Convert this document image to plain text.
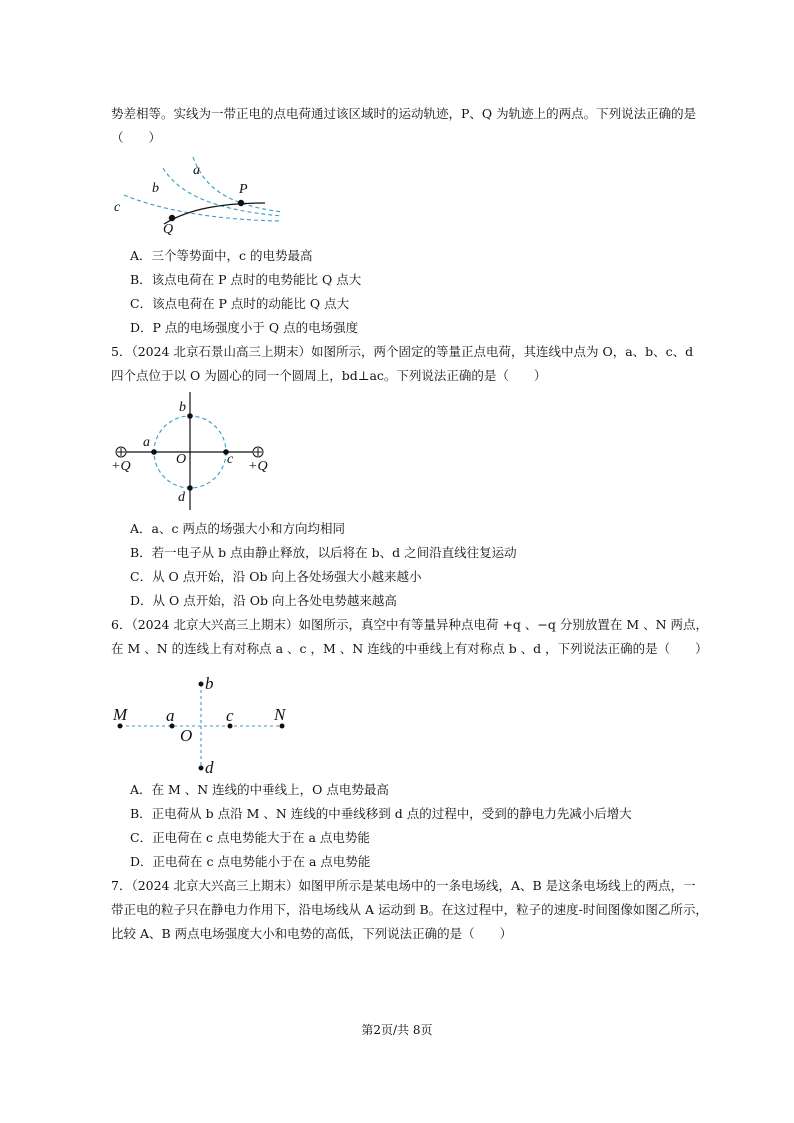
势差相等。实线为一带正电的点电荷通过该区域时的运动轨迹，P、Q 为轨迹上的两点。下列说法正确的是
（　　）
a
b
c
P
Q
A．三个等势面中，c 的电势最高
B．该点电荷在 P 点时的电势能比 Q 点大
C．该点电荷在 P 点时的动能比 Q 点大
D．P 点的电场强度小于 Q 点的电场强度
5．（2024 北京石景山高三上期末）如图所示，两个固定的等量正点电荷，其连线中点为 O，a、b、c、d
四个点位于以 O 为圆心的同一个圆周上，bd⊥ac。下列说法正确的是（　　）
b
a
O	c
d
+Q	+Q
A．a、c 两点的场强大小和方向均相同
B．若一电子从 b 点由静止释放，以后将在 b、d 之间沿直线往复运动
C．从 O 点开始，沿 Ob 向上各处场强大小越来越小
D．从 O 点开始，沿 Ob 向上各处电势越来越高
6．（2024 北京大兴高三上期末）如图所示，真空中有等量异种点电荷 +q 、−q 分别放置在 M 、N 两点，
在 M 、N 的连线上有对称点 a 、c ，M 、N 连线的中垂线上有对称点 b 、d ，下列说法正确的是（　　）
b
M a	c N
O
d
A．在 M 、N 连线的中垂线上，O 点电势最高
B．正电荷从 b 点沿 M 、N 连线的中垂线移到 d 点的过程中，受到的静电力先减小后增大
C．正电荷在 c 点电势能大于在 a 点电势能
D．正电荷在 c 点电势能小于在 a 点电势能
7．（2024 北京大兴高三上期末）如图甲所示是某电场中的一条电场线，A、B 是这条电场线上的两点，一
带正电的粒子只在静电力作用下，沿电场线从 A 运动到 B。在这过程中，粒子的速度-时间图像如图乙所示，
比较 A、B 两点电场强度大小和电势的高低，下列说法正确的是（　　）
第2页/共 8页
